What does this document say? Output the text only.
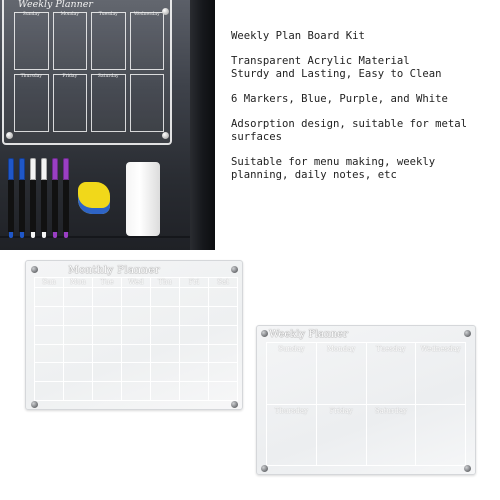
Weekly Planner
Sunday	Monday	Tuesday	Wednesday
Thursday	Friday	Saturday

Weekly Plan Board Kit

Transparent Acrylic Material
Sturdy and Lasting, Easy to Clean

6 Markers, Blue, Purple, and White

Adsorption design, suitable for metal
surfaces

Suitable for menu making, weekly
planning, daily notes, etc

Monthly Planner
Sun	Mon	Tue	Wed	Thu	Fri	Sat
Weekly Planner
Sunday	Monday	Tuesday	Wednesday
Thursday	Friday	Saturday
